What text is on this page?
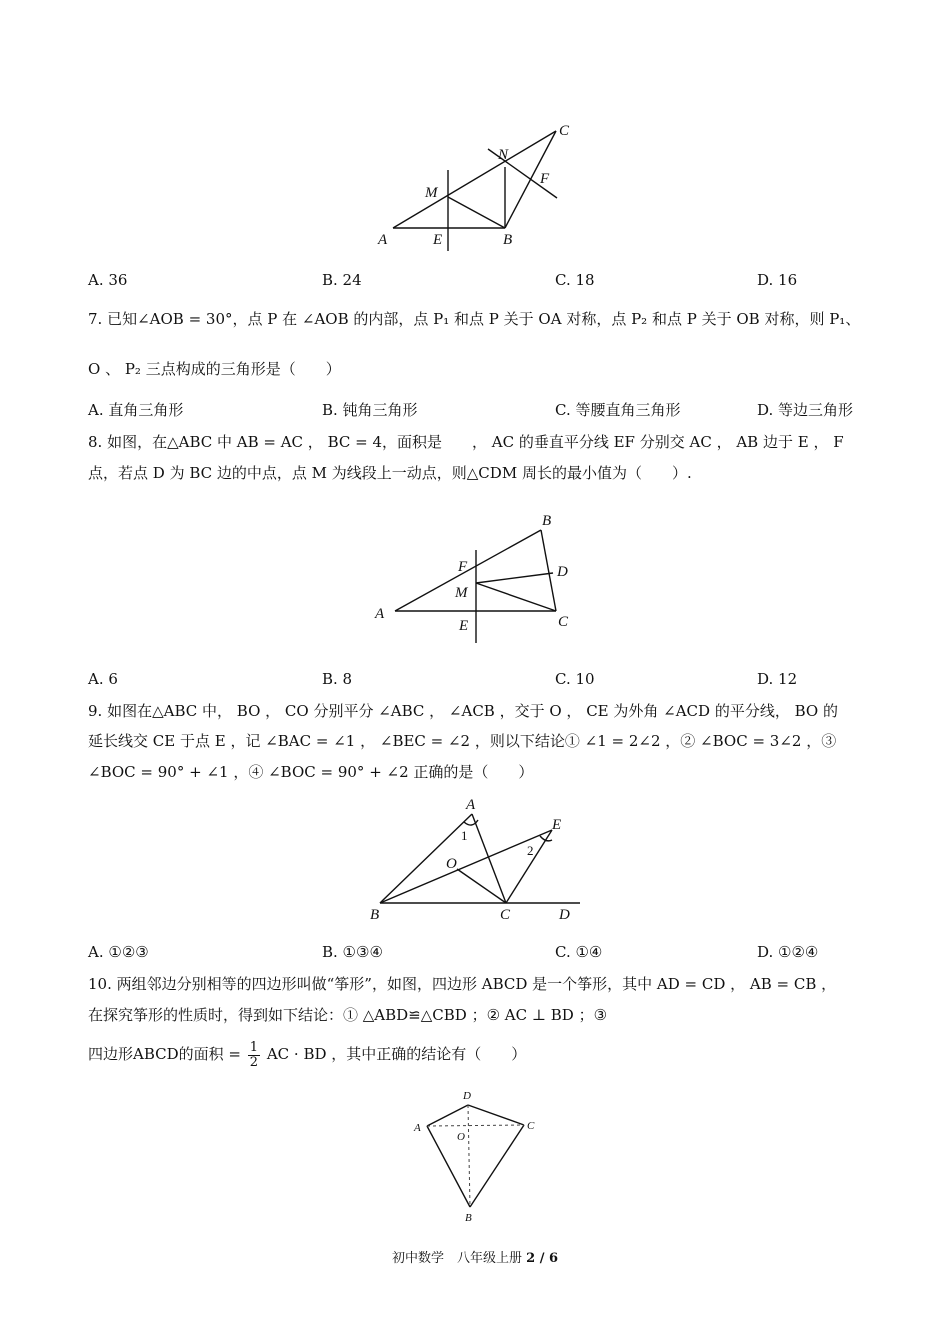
A	E	B
M
N
F
C
A. 36	B. 24	C. 18	D. 16
7. 已知∠AOB = 30°，点 P 在 ∠AOB 的内部，点 P₁ 和点 P 关于 OA 对称，点 P₂ 和点 P 关于 OB 对称，则 P₁、
O 、 P₂ 三点构成的三角形是（　　）
A. 直角三角形	B. 钝角三角形	C. 等腰直角三角形	D. 等边三角形
8. 如图，在△ABC 中 AB = AC ， BC = 4，面积是　　， AC 的垂直平分线 EF 分别交 AC ， AB 边于 E ， F
点，若点 D 为 BC 边的中点，点 M 为线段上一动点，则△CDM 周长的最小值为（　　）.
A
B
C
D
E
F
M
A. 6	B. 8	C. 10	D. 12
9. 如图在△ABC 中， BO ， CO 分别平分 ∠ABC ， ∠ACB ，交于 O ， CE 为外角 ∠ACD 的平分线， BO 的
延长线交 CE 于点 E ，记 ∠BAC = ∠1 ， ∠BEC = ∠2 ，则以下结论① ∠1 = 2∠2 ，② ∠BOC = 3∠2 ，③
∠BOC = 90° + ∠1 ，④ ∠BOC = 90° + ∠2 正确的是（　　）
A
1
E
2
O
B	C	D
A. ①②③	B. ①③④	C. ①④	D. ①②④
10. 两组邻边分别相等的四边形叫做“筝形”，如图，四边形 ABCD 是一个筝形，其中 AD = CD ， AB = CB ，
在探究筝形的性质时，得到如下结论：① △ABD≌△CBD ；② AC ⊥ BD ；③
四边形ABCD的面积 = $\frac{1}{2}$ AC · BD ，其中正确的结论有（　　）
D
A	C
O
B
初中数学　八年级上册 2 / 6
